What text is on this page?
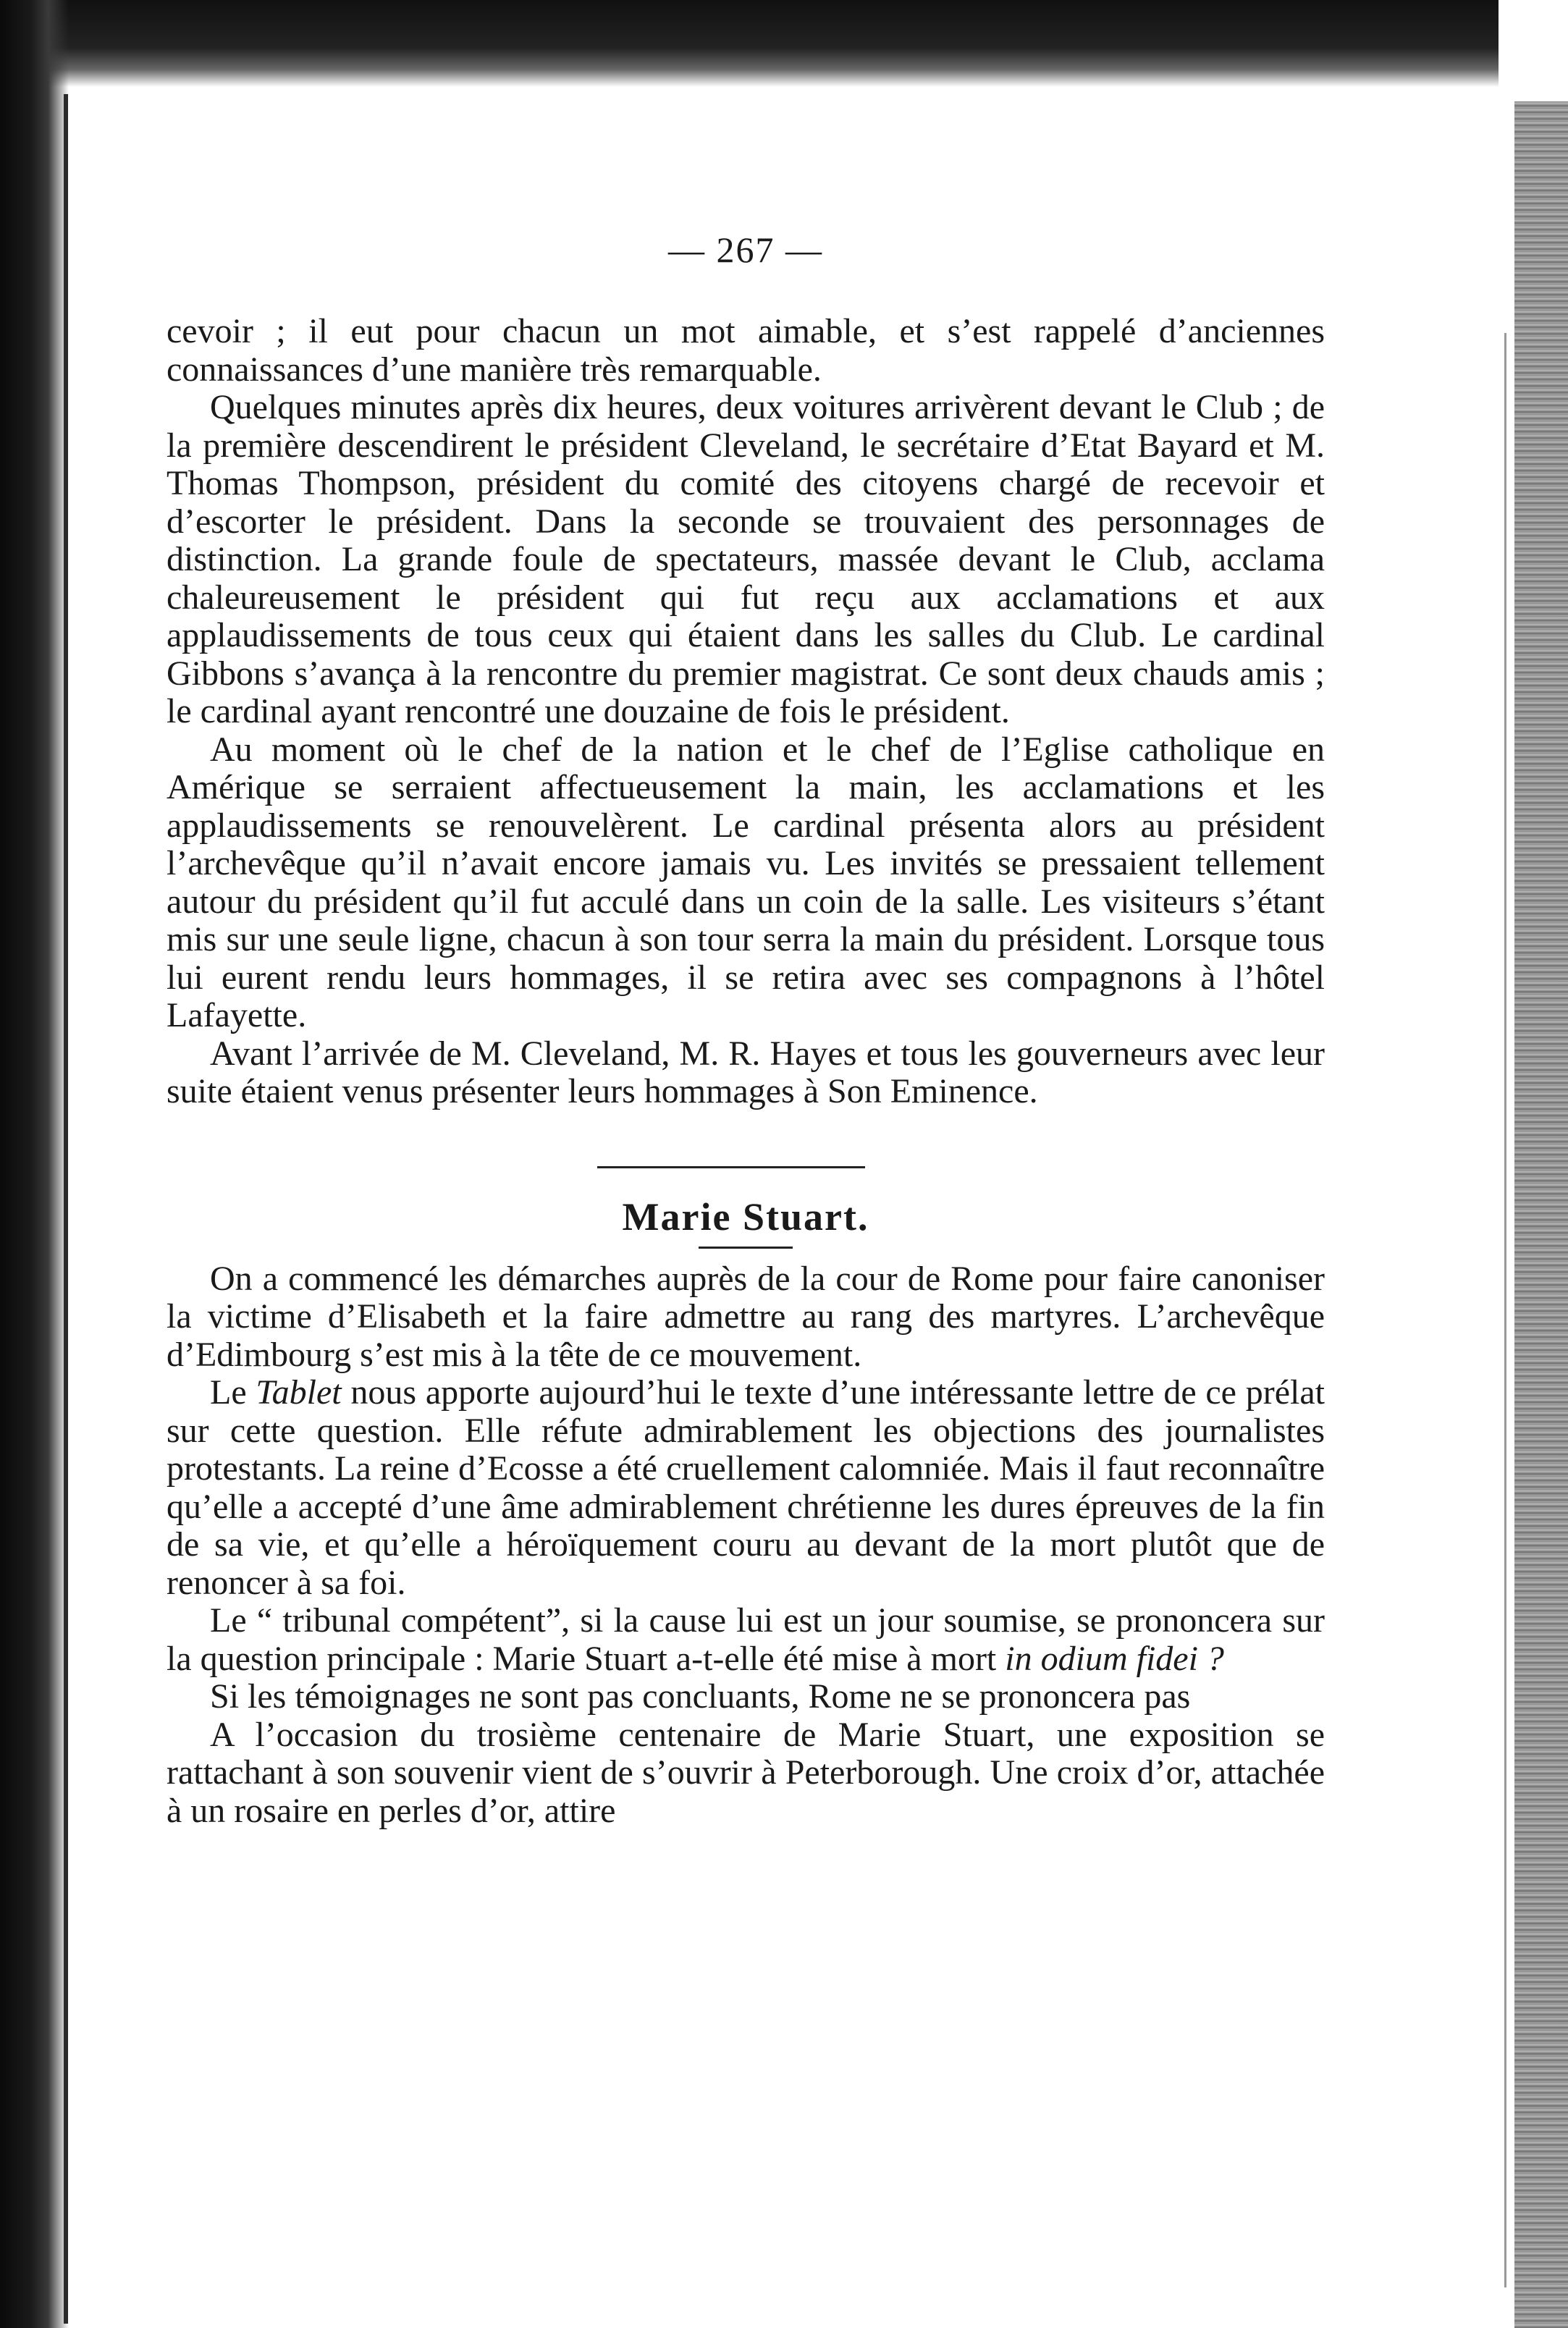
— 267 —

cevoir ; il eut pour chacun un mot aimable, et s’est rappelé d’anciennes connaissances d’une manière très remarquable.

Quelques minutes après dix heures, deux voitures arrivèrent devant le Club ; de la première descendirent le président Cleveland, le secrétaire d’Etat Bayard et M. Thomas Thompson, président du comité des citoyens chargé de recevoir et d’escorter le président. Dans la seconde se trouvaient des personnages de distinction. La grande foule de spectateurs, massée devant le Club, acclama chaleureusement le président qui fut reçu aux acclamations et aux applaudissements de tous ceux qui étaient dans les salles du Club. Le cardinal Gibbons s’avança à la rencontre du premier magistrat. Ce sont deux chauds amis ; le cardinal ayant rencontré une douzaine de fois le président.

Au moment où le chef de la nation et le chef de l’Eglise catholique en Amérique se serraient affectueusement la main, les acclamations et les applaudissements se renouvelèrent. Le cardinal présenta alors au président l’archevêque qu’il n’avait encore jamais vu. Les invités se pressaient tellement autour du président qu’il fut acculé dans un coin de la salle. Les visiteurs s’étant mis sur une seule ligne, chacun à son tour serra la main du président. Lorsque tous lui eurent rendu leurs hommages, il se retira avec ses compagnons à l’hôtel Lafayette.

Avant l’arrivée de M. Cleveland, M. R. Hayes et tous les gouverneurs avec leur suite étaient venus présenter leurs hommages à Son Eminence.

Marie Stuart.

On a commencé les démarches auprès de la cour de Rome pour faire canoniser la victime d’Elisabeth et la faire admettre au rang des martyres. L’archevêque d’Edimbourg s’est mis à la tête de ce mouvement.

Le Tablet nous apporte aujourd’hui le texte d’une intéressante lettre de ce prélat sur cette question. Elle réfute admirablement les objections des journalistes protestants. La reine d’Ecosse a été cruellement calomniée. Mais il faut reconnaître qu’elle a accepté d’une âme admirablement chrétienne les dures épreuves de la fin de sa vie, et qu’elle a héroïquement couru au devant de la mort plutôt que de renoncer à sa foi.

Le “ tribunal compétent”, si la cause lui est un jour soumise, se prononcera sur la question principale : Marie Stuart a-t-elle été mise à mort in odium fidei ?

Si les témoignages ne sont pas concluants, Rome ne se prononcera pas

A l’occasion du trosième centenaire de Marie Stuart, une exposition se rattachant à son souvenir vient de s’ouvrir à Peterborough. Une croix d’or, attachée à un rosaire en perles d’or, attire
